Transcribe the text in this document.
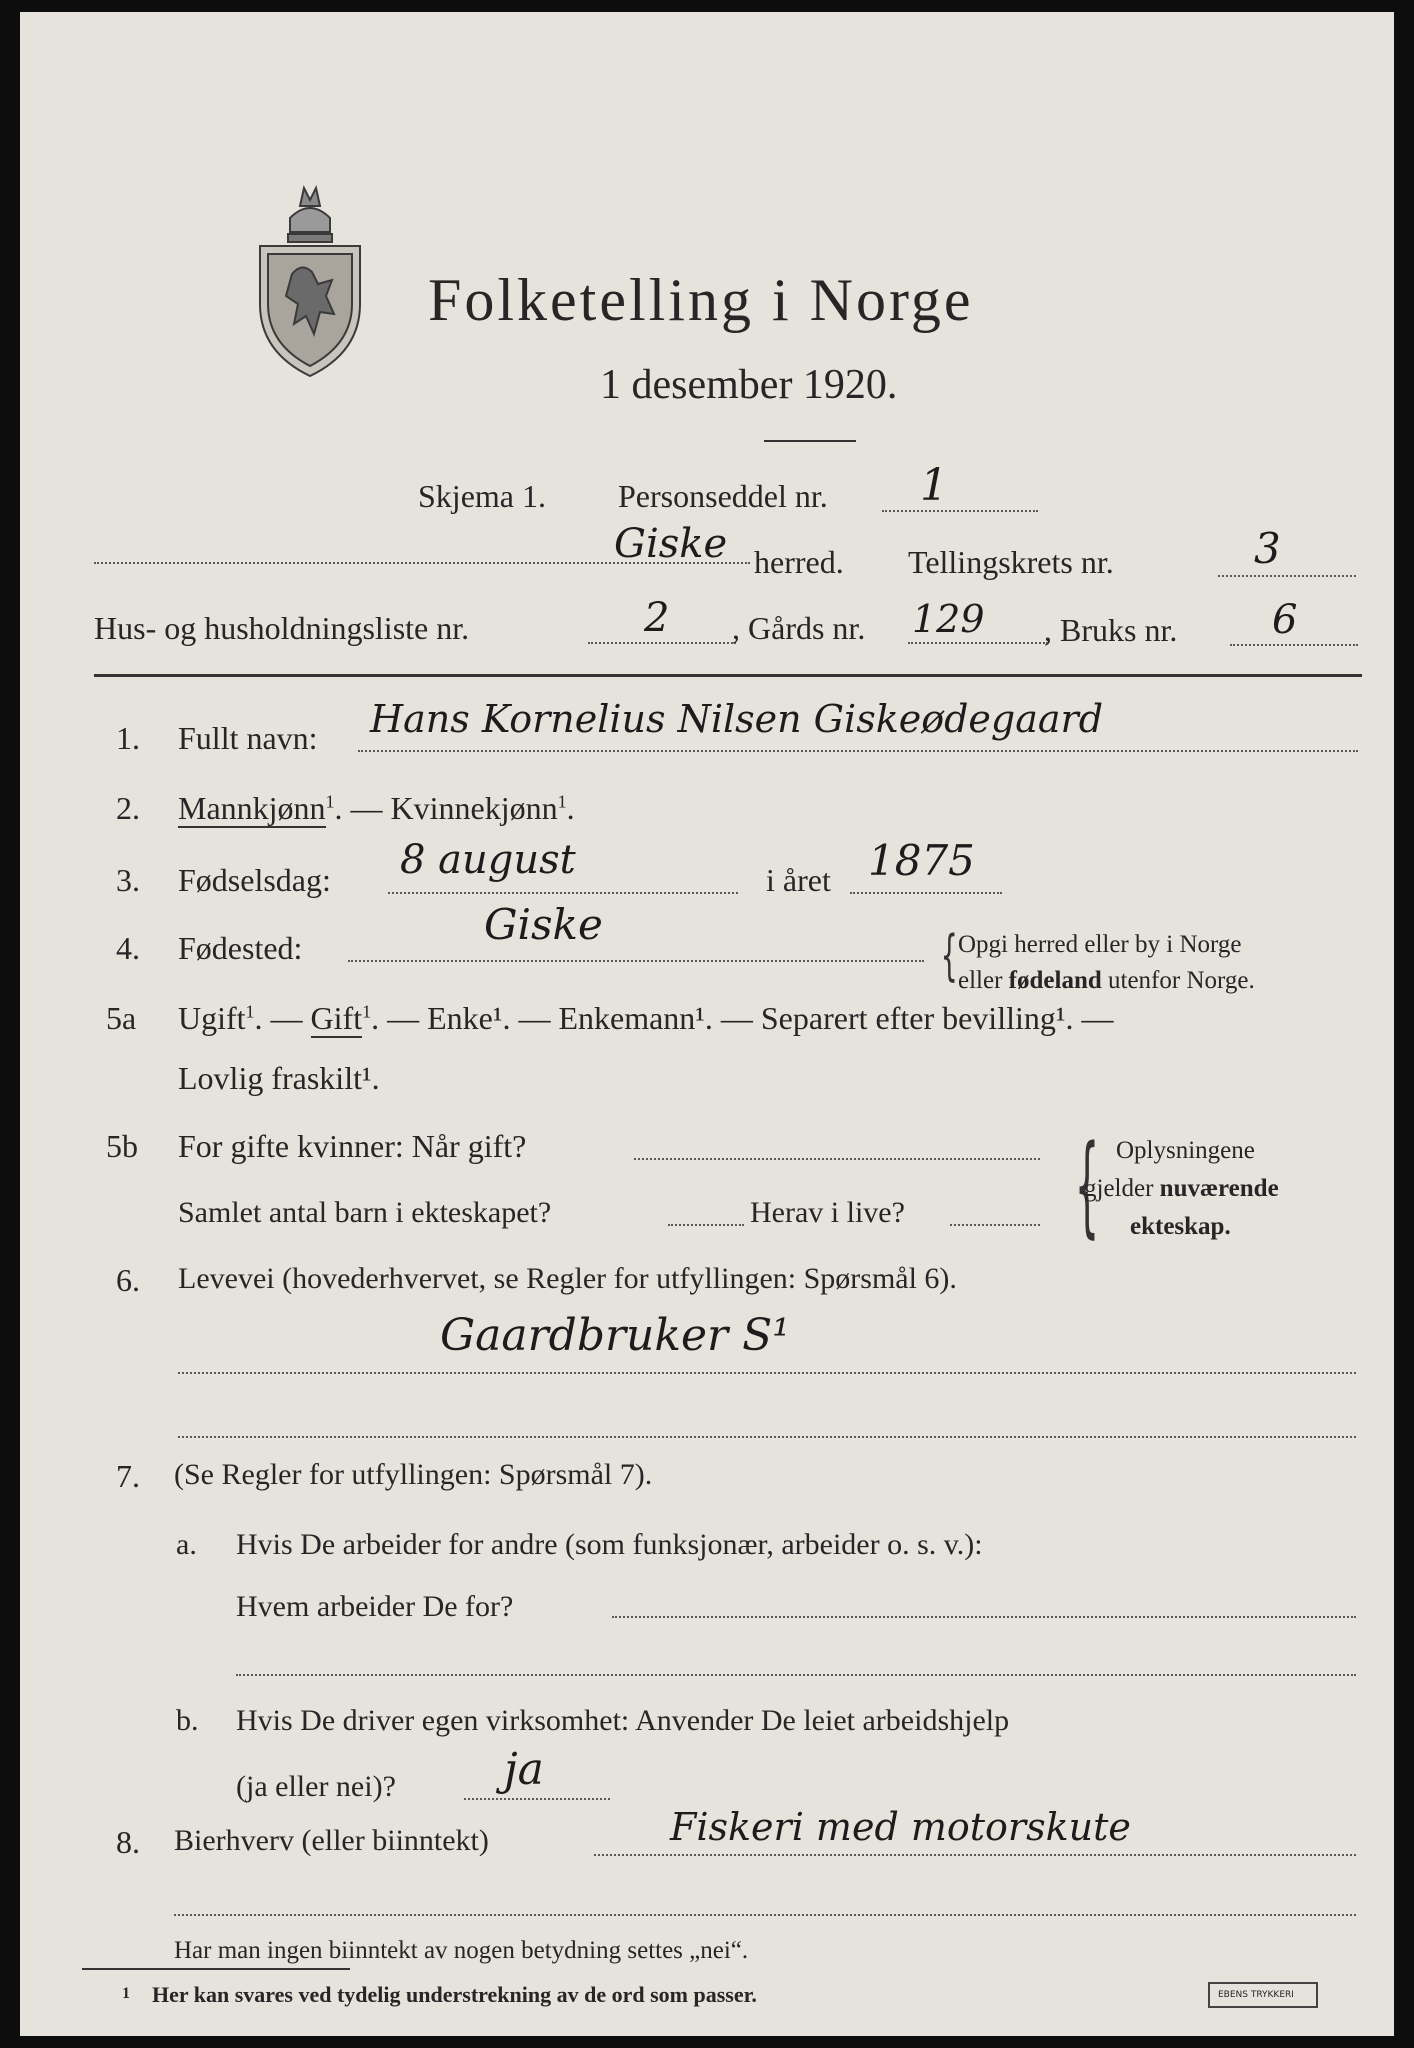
Folketelling i Norge
1 desember 1920.
Skjema 1. Personseddel nr. 1
Giske herred. Tellingskrets nr.	3
Hus- og husholdningsliste nr.	2 , Gårds nr. 129 , Bruks nr. 6
1. Fullt navn: Hans Kornelius Nilsen Giskeødegaard
2. Mannkjønn$^1$. — Kvinnekjønn$^1$.
3. Fødselsdag: 8 august	i året 1875
4. Fødested:	Giske	{ Opgi herred eller by i Norge
eller fødeland utenfor Norge.
5a Ugift$^1$. — Gift$^1$. — Enke¹. — Enkemann¹. — Separert efter bevilling¹. —
Lovlig fraskilt¹.
5b For gifte kvinner: Når gift?
Samlet antal barn i ekteskapet?	Herav i live? { Oplysningene
gjelder nuværende
ekteskap.
6. Levevei (hovederhvervet, se Regler for utfyllingen: Spørsmål 6).
Gaardbruker S¹
7. (Se Regler for utfyllingen: Spørsmål 7).
a. Hvis De arbeider for andre (som funksjonær, arbeider o. s. v.):
Hvem arbeider De for?
b. Hvis De driver egen virksomhet: Anvender De leiet arbeidshjelp
(ja eller nei)? ja
8. Bierhverv (eller biinntekt)	Fiskeri med motorskute
Har man ingen biinntekt av nogen betydning settes „nei“.
1 Her kan svares ved tydelig understrekning av de ord som passer.	EBENS TRYKKERI
